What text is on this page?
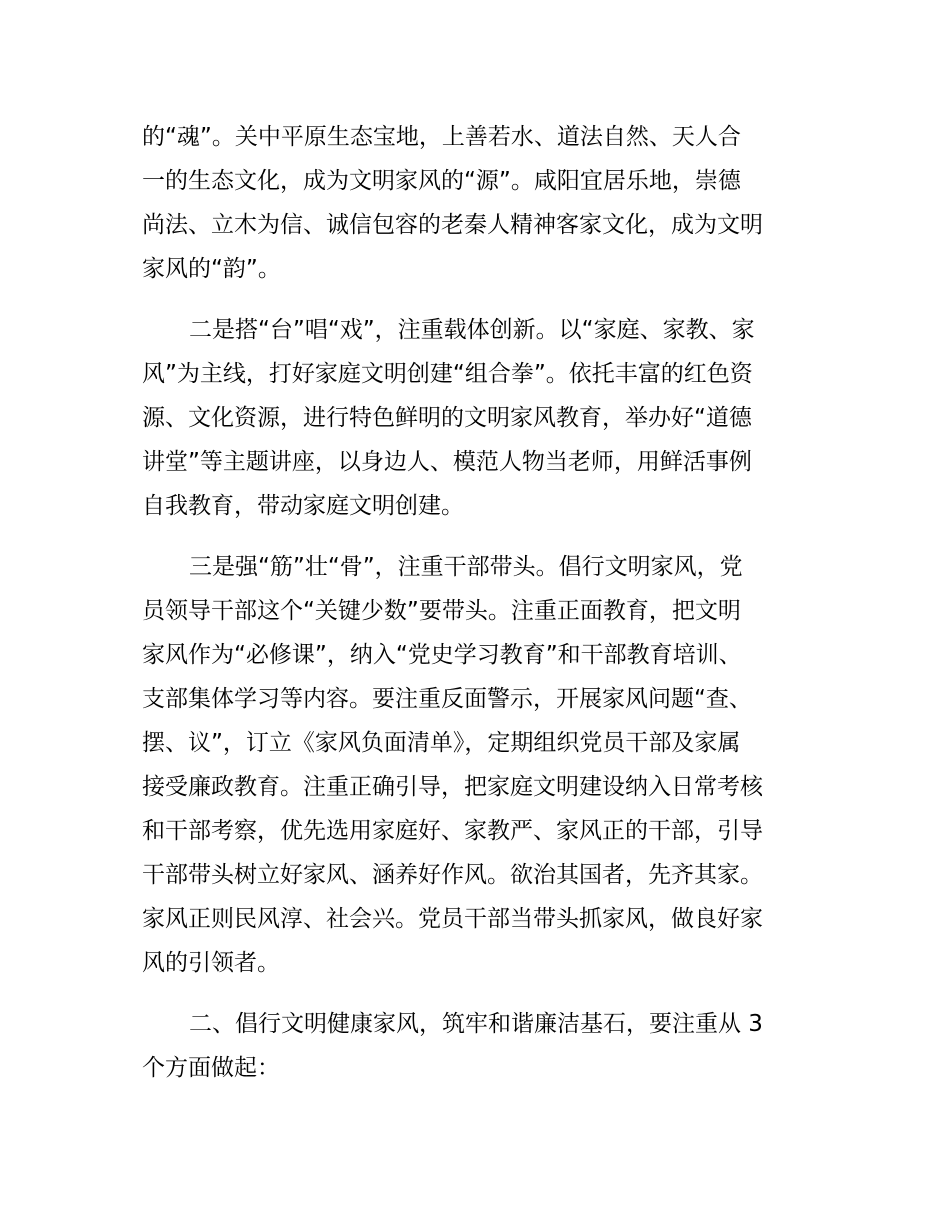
的“魂”。关中平原生态宝地，上善若水、道法自然、天人合
一的生态文化，成为文明家风的“源”。咸阳宜居乐地，崇德
尚法、立木为信、诚信包容的老秦人精神客家文化，成为文明
家风的“韵”。
二是搭“台”唱“戏”，注重载体创新。以“家庭、家教、家
风”为主线，打好家庭文明创建“组合拳”。依托丰富的红色资
源、文化资源，进行特色鲜明的文明家风教育，举办好“道德
讲堂”等主题讲座，以身边人、模范人物当老师，用鲜活事例
自我教育，带动家庭文明创建。
三是强“筋”壮“骨”，注重干部带头。倡行文明家风，党
员领导干部这个“关键少数”要带头。注重正面教育，把文明
家风作为“必修课”，纳入“党史学习教育”和干部教育培训、
支部集体学习等内容。要注重反面警示，开展家风问题“查、
摆、议”，订立《家风负面清单》，定期组织党员干部及家属
接受廉政教育。注重正确引导，把家庭文明建设纳入日常考核
和干部考察，优先选用家庭好、家教严、家风正的干部，引导
干部带头树立好家风、涵养好作风。欲治其国者，先齐其家。
家风正则民风淳、社会兴。党员干部当带头抓家风，做良好家
风的引领者。
二、倡行文明健康家风，筑牢和谐廉洁基石，要注重从 3
个方面做起：
